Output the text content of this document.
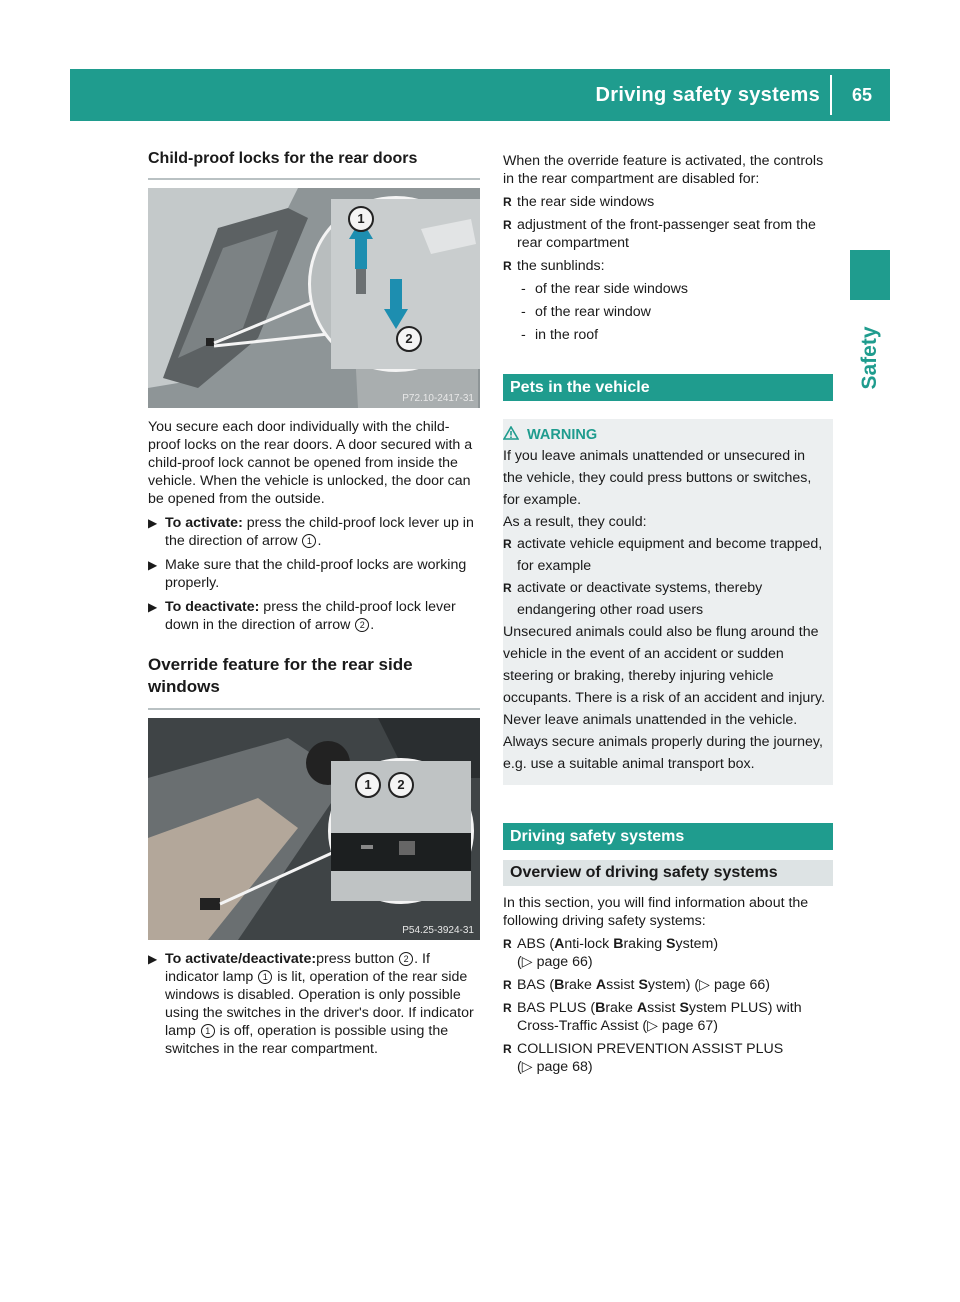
Driving safety systems 65
Safety
Child-proof locks for the rear doors
1
2
P72.10-2417-31

You secure each door individually with the child-proof locks on the rear doors. A door secured with a child-proof lock cannot be opened from inside the vehicle. When the vehicle is unlocked, the door can be opened from the outside.

▶ To activate: press the child-proof lock lever up in the direction of arrow 1 .
▶ Make sure that the child-proof locks are working properly.
▶ To deactivate: press the child-proof lock lever down in the direction of arrow 2 .
Override feature for the rear side windows
1	2
P54.25-3924-31
▶ To activate/deactivate:press button 2 . If indicator lamp 1 is lit, operation of the rear side windows is disabled. Operation is only possible using the switches in the driver's door. If indicator lamp 1 is off, operation is possible using the switches in the rear compartment.

When the override feature is activated, the controls in the rear compartment are disabled for:

R the rear side windows
R adjustment of the front-passenger seat from the rear compartment
R the sunblinds:
- of the rear side windows
- of the rear window
- in the roof
Pets in the vehicle
WARNING

If you leave animals unattended or unsecured in the vehicle, they could press buttons or switches, for example.

As a result, they could:

R activate vehicle equipment and become trapped, for example
R activate or deactivate systems, thereby endangering other road users

Unsecured animals could also be flung around the vehicle in the event of an accident or sudden steering or braking, thereby injuring vehicle occupants. There is a risk of an accident and injury.

Never leave animals unattended in the vehicle. Always secure animals properly during the journey, e.g. use a suitable animal transport box.

Driving safety systems
Overview of driving safety systems

In this section, you will find information about the following driving safety systems:

R ABS (Anti-lock Braking System)
(▷ page 66)
R BAS (Brake Assist System) (▷ page 66)
R BAS PLUS (Brake Assist System PLUS) with Cross-Traffic Assist (▷ page 67)
R COLLISION PREVENTION ASSIST PLUS
(▷ page 68)
